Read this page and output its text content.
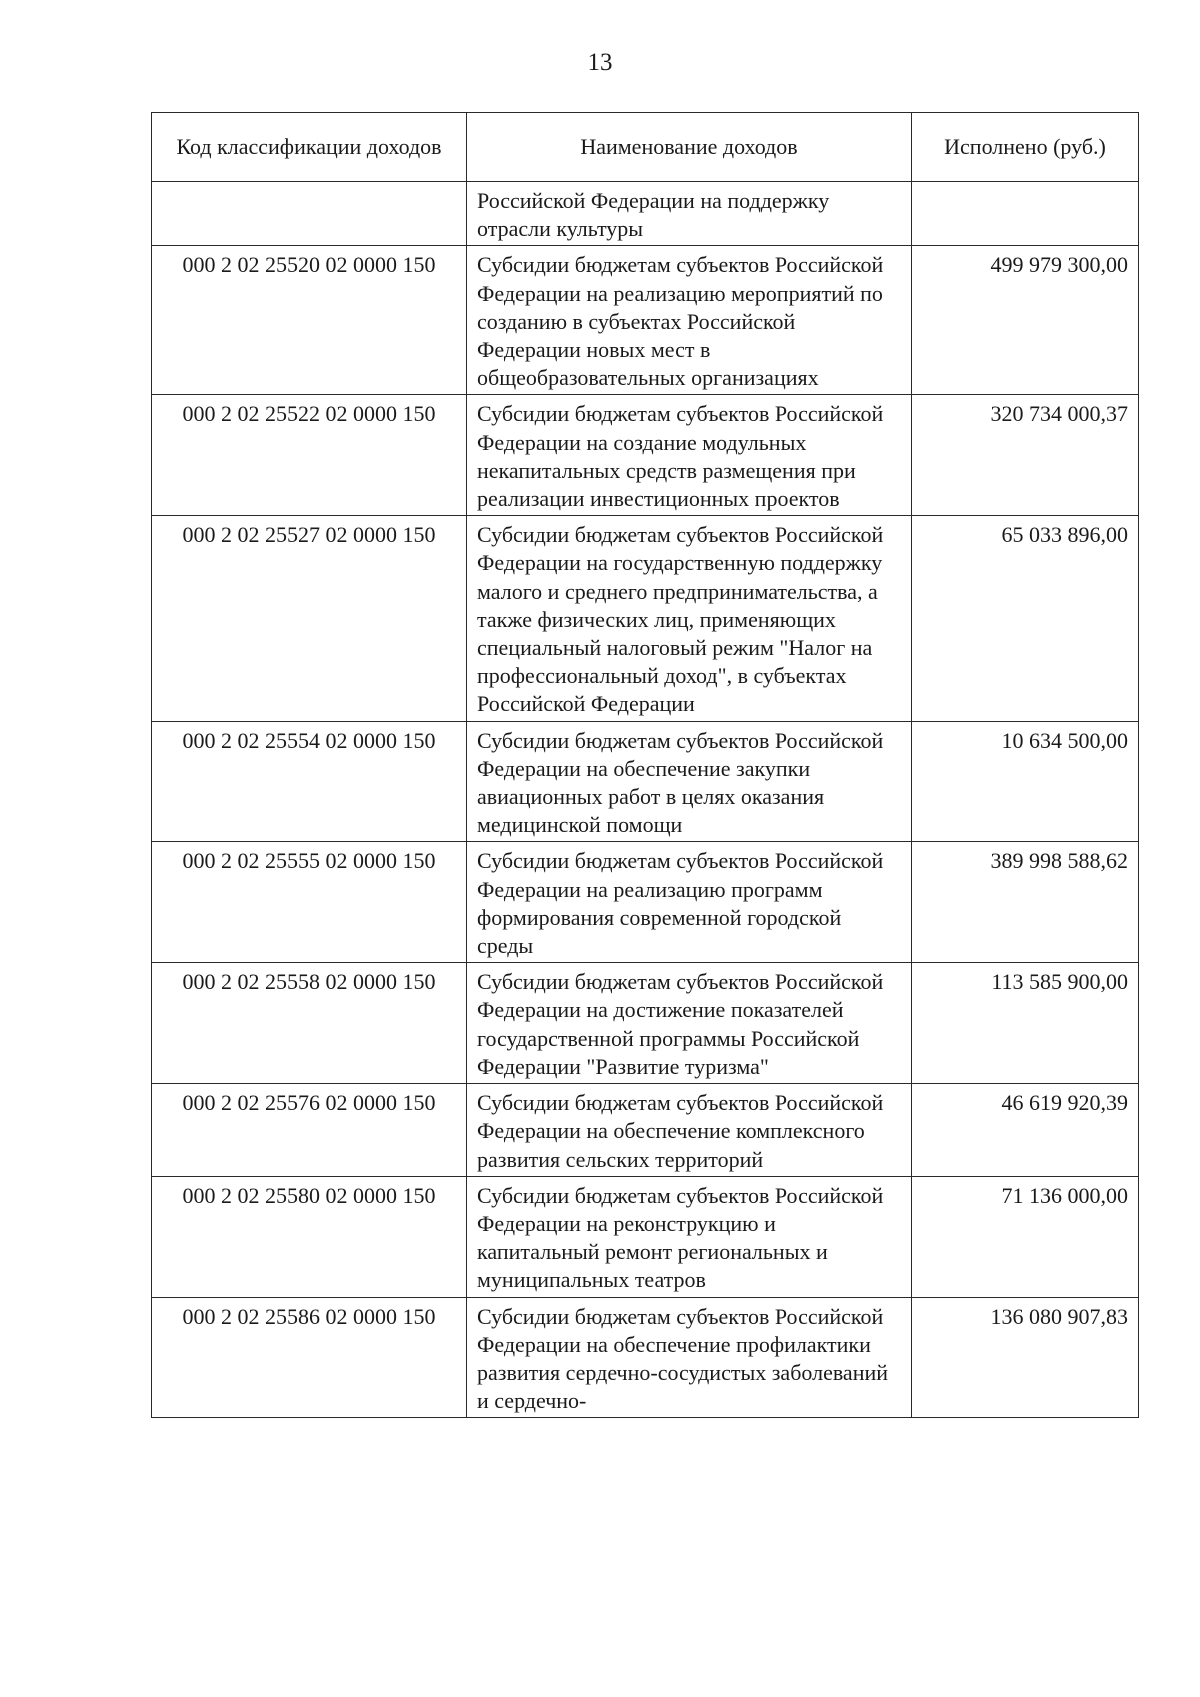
13
Код классификации доходов	Наименование доходов	Исполнено (руб.)
	Российской Федерации на поддержку отрасли культуры	
000 2 02 25520 02 0000 150	Субсидии бюджетам субъектов Российской Федерации на реализацию мероприятий по созданию в субъектах Российской Федерации новых мест в общеобразовательных организациях	499 979 300,00
000 2 02 25522 02 0000 150	Субсидии бюджетам субъектов Российской Федерации на создание модульных некапитальных средств размещения при реализации инвестиционных проектов	320 734 000,37
000 2 02 25527 02 0000 150	Субсидии бюджетам субъектов Российской Федерации на государственную поддержку малого и среднего предпринимательства, а также физических лиц, применяющих специальный налоговый режим "Налог на профессиональный доход", в субъектах Российской Федерации	65 033 896,00
000 2 02 25554 02 0000 150	Субсидии бюджетам субъектов Российской Федерации на обеспечение закупки авиационных работ в целях оказания медицинской помощи	10 634 500,00
000 2 02 25555 02 0000 150	Субсидии бюджетам субъектов Российской Федерации на реализацию программ формирования современной городской среды	389 998 588,62
000 2 02 25558 02 0000 150	Субсидии бюджетам субъектов Российской Федерации на достижение показателей государственной программы Российской Федерации "Развитие туризма"	113 585 900,00
000 2 02 25576 02 0000 150	Субсидии бюджетам субъектов Российской Федерации на обеспечение комплексного развития сельских территорий	46 619 920,39
000 2 02 25580 02 0000 150	Субсидии бюджетам субъектов Российской Федерации на реконструкцию и капитальный ремонт региональных и муниципальных театров	71 136 000,00
000 2 02 25586 02 0000 150	Субсидии бюджетам субъектов Российской Федерации на обеспечение профилактики развития сердечно-сосудистых заболеваний и сердечно-	136 080 907,83
